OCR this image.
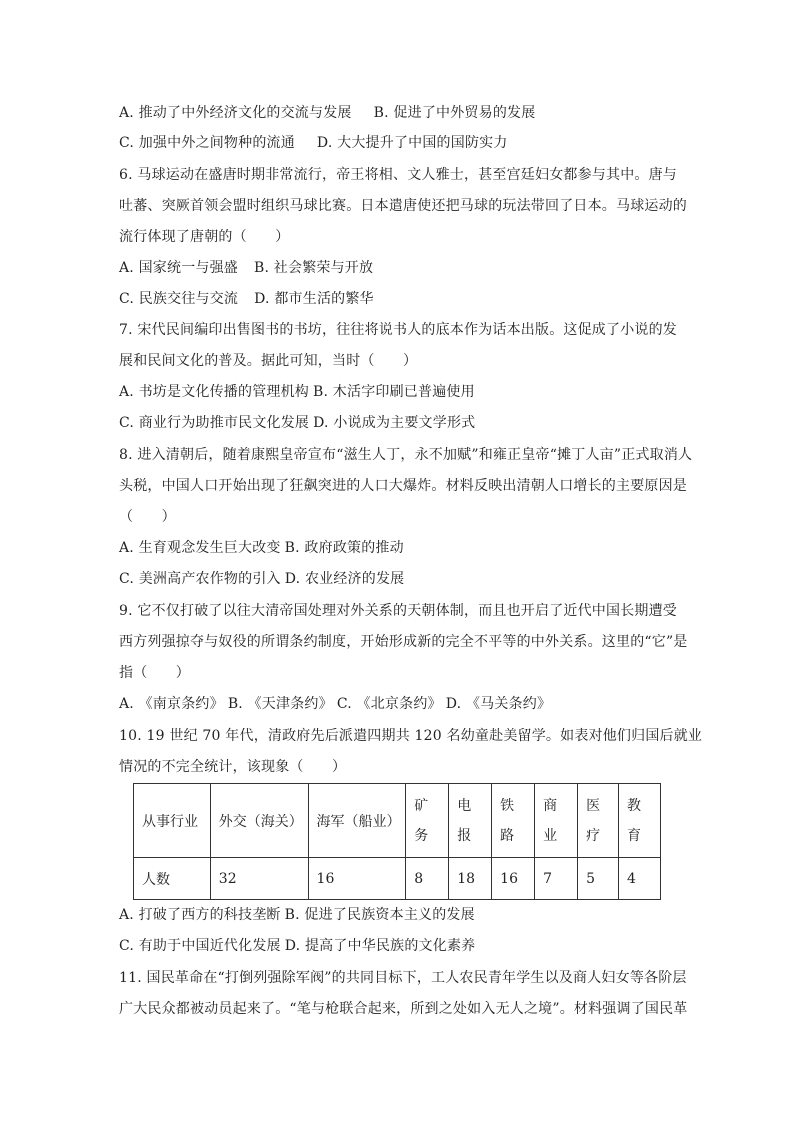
A. 推动了中外经济文化的交流与发展 B. 促进了中外贸易的发展
C. 加强中外之间物种的流通 D. 大大提升了中国的国防实力
6. 马球运动在盛唐时期非常流行，帝王将相、文人雅士，甚至宫廷妇女都参与其中。唐与
吐蕃、突厥首领会盟时组织马球比赛。日本遣唐使还把马球的玩法带回了日本。马球运动的
流行体现了唐朝的（　　）
A. 国家统一与强盛 B. 社会繁荣与开放
C. 民族交往与交流 D. 都市生活的繁华
7. 宋代民间编印出售图书的书坊，往往将说书人的底本作为话本出版。这促成了小说的发
展和民间文化的普及。据此可知，当时（　　）
A. 书坊是文化传播的管理机构 B. 木活字印刷已普遍使用
C. 商业行为助推市民文化发展 D. 小说成为主要文学形式
8. 进入清朝后，随着康熙皇帝宣布“滋生人丁，永不加赋”和雍正皇帝“摊丁人亩”正式取消人
头税，中国人口开始出现了狂飙突进的人口大爆炸。材料反映出清朝人口增长的主要原因是
（　　）
A. 生育观念发生巨大改变 B. 政府政策的推动
C. 美洲高产农作物的引入 D. 农业经济的发展
9. 它不仅打破了以往大清帝国处理对外关系的天朝体制，而且也开启了近代中国长期遭受
西方列强掠夺与奴役的所谓条约制度，开始形成新的完全不平等的中外关系。这里的“它”是
指（　　）
A. 《南京条约》 B. 《天津条约》 C. 《北京条约》 D. 《马关条约》
10. 19 世纪 70 年代，清政府先后派遣四期共 120 名幼童赴美留学。如表对他们归国后就业
情况的不完全统计，该现象（　　）
从事行业	外交（海关）	海军（船业）	矿务	电报	铁路	商业	医疗	教育

人数	32	16	8	18	16	7	5	4
A. 打破了西方的科技垄断 B. 促进了民族资本主义的发展
C. 有助于中国近代化发展 D. 提高了中华民族的文化素养
11. 国民革命在“打倒列强除军阀”的共同目标下，工人农民青年学生以及商人妇女等各阶层
广大民众都被动员起来了。“笔与枪联合起来，所到之处如入无人之境”。材料强调了国民革
